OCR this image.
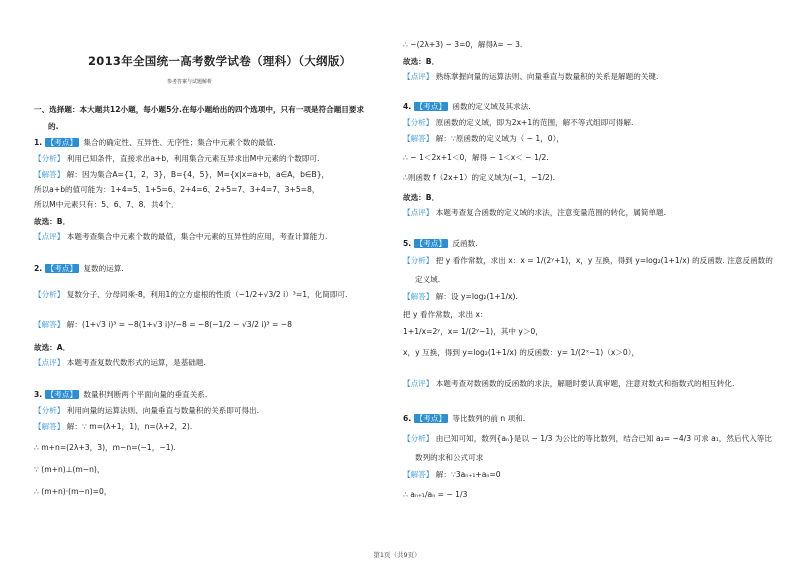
2013年全国统一高考数学试卷（理科）（大纲版）
参考答案与试题解析
一、选择题：本大题共12小题，每小题5分.在每小题给出的四个选项中，只有一项是符合题目要求
的.
1. 【考点】 集合的确定性、互异性、无序性；集合中元素个数的最值.
【分析】 利用已知条件，直接求出a+b，利用集合元素互异求出M中元素的个数即可.
【解答】 解：因为集合A={1，2，3}，B={4，5}，M={x|x=a+b，a∈A，b∈B}，
所以a+b的值可能为：1+4=5、1+5=6、2+4=6、2+5=7、3+4=7、3+5=8，
所以M中元素只有：5、6、7、8．共4个．
故选：B．
【点评】 本题考查集合中元素个数的最值，集合中元素的互异性的应用，考查计算能力.
2. 【考点】 复数的运算.
【分析】 复数分子、分母同乘-8，利用1的立方虚根的性质（−1/2+√3/2 i）³=1，化简即可.
【解答】 解：(1+√3 i)³ = −8(1+√3 i)³/−8 = −8(−1/2 − √3/2 i)³ = −8
故选：A．
【点评】 本题考查复数代数形式的运算，是基础题.
3. 【考点】 数量积判断两个平面向量的垂直关系.
【分析】 利用向量的运算法则、向量垂直与数量积的关系即可得出.
【解答】 解：∵ m=(λ+1，1)，n=(λ+2，2).
∴ m+n=(2λ+3，3)，m−n=(−1，−1).
∵ (m+n)⊥(m−n)，
∴ (m+n)·(m−n)=0，
∴ −(2λ+3) − 3=0，解得λ= − 3.
故选：B．
【点评】 熟练掌握向量的运算法则、向量垂直与数量积的关系是解题的关键.
4. 【考点】 函数的定义域及其求法.
【分析】 原函数的定义域，即为2x+1的范围，解不等式组即可得解.
【解答】 解：∵原函数的定义域为（ − 1，0），
∴ − 1＜2x+1＜0，解得 − 1＜x＜ − 1/2.
∴则函数 f（2x+1）的定义域为(−1，−1/2).
故选：B．
【点评】 本题考查复合函数的定义域的求法，注意变量范围的转化，属简单题.
5. 【考点】 反函数.
【分析】 把 y 看作常数，求出 x：x = 1/(2ʸ+1)，x，y 互换，得到 y=log₂(1+1/x) 的反函数. 注意反函数的
定义域.
【解答】 解：设 y=log₂(1+1/x).
把 y 看作常数，求出 x：
1+1/x=2ʸ，x= 1/(2ʸ−1)，其中 y＞0，
x，y 互换，得到 y=log₂(1+1/x) 的反函数：y= 1/(2ˣ−1)（x＞0），
【点评】 本题考查对数函数的反函数的求法，解题时要认真审题，注意对数式和指数式的相互转化.
6. 【考点】 等比数列的前 n 项和.
【分析】 由已知可知，数列{aₙ}是以 − 1/3 为公比的等比数列，结合已知 a₂= −4/3 可求 a₁，然后代入等比
数列的求和公式可求
【解答】 解：∵3aₙ₊₁+aₙ=0
∴ aₙ₊₁/aₙ = − 1/3
第1页（共9页）
